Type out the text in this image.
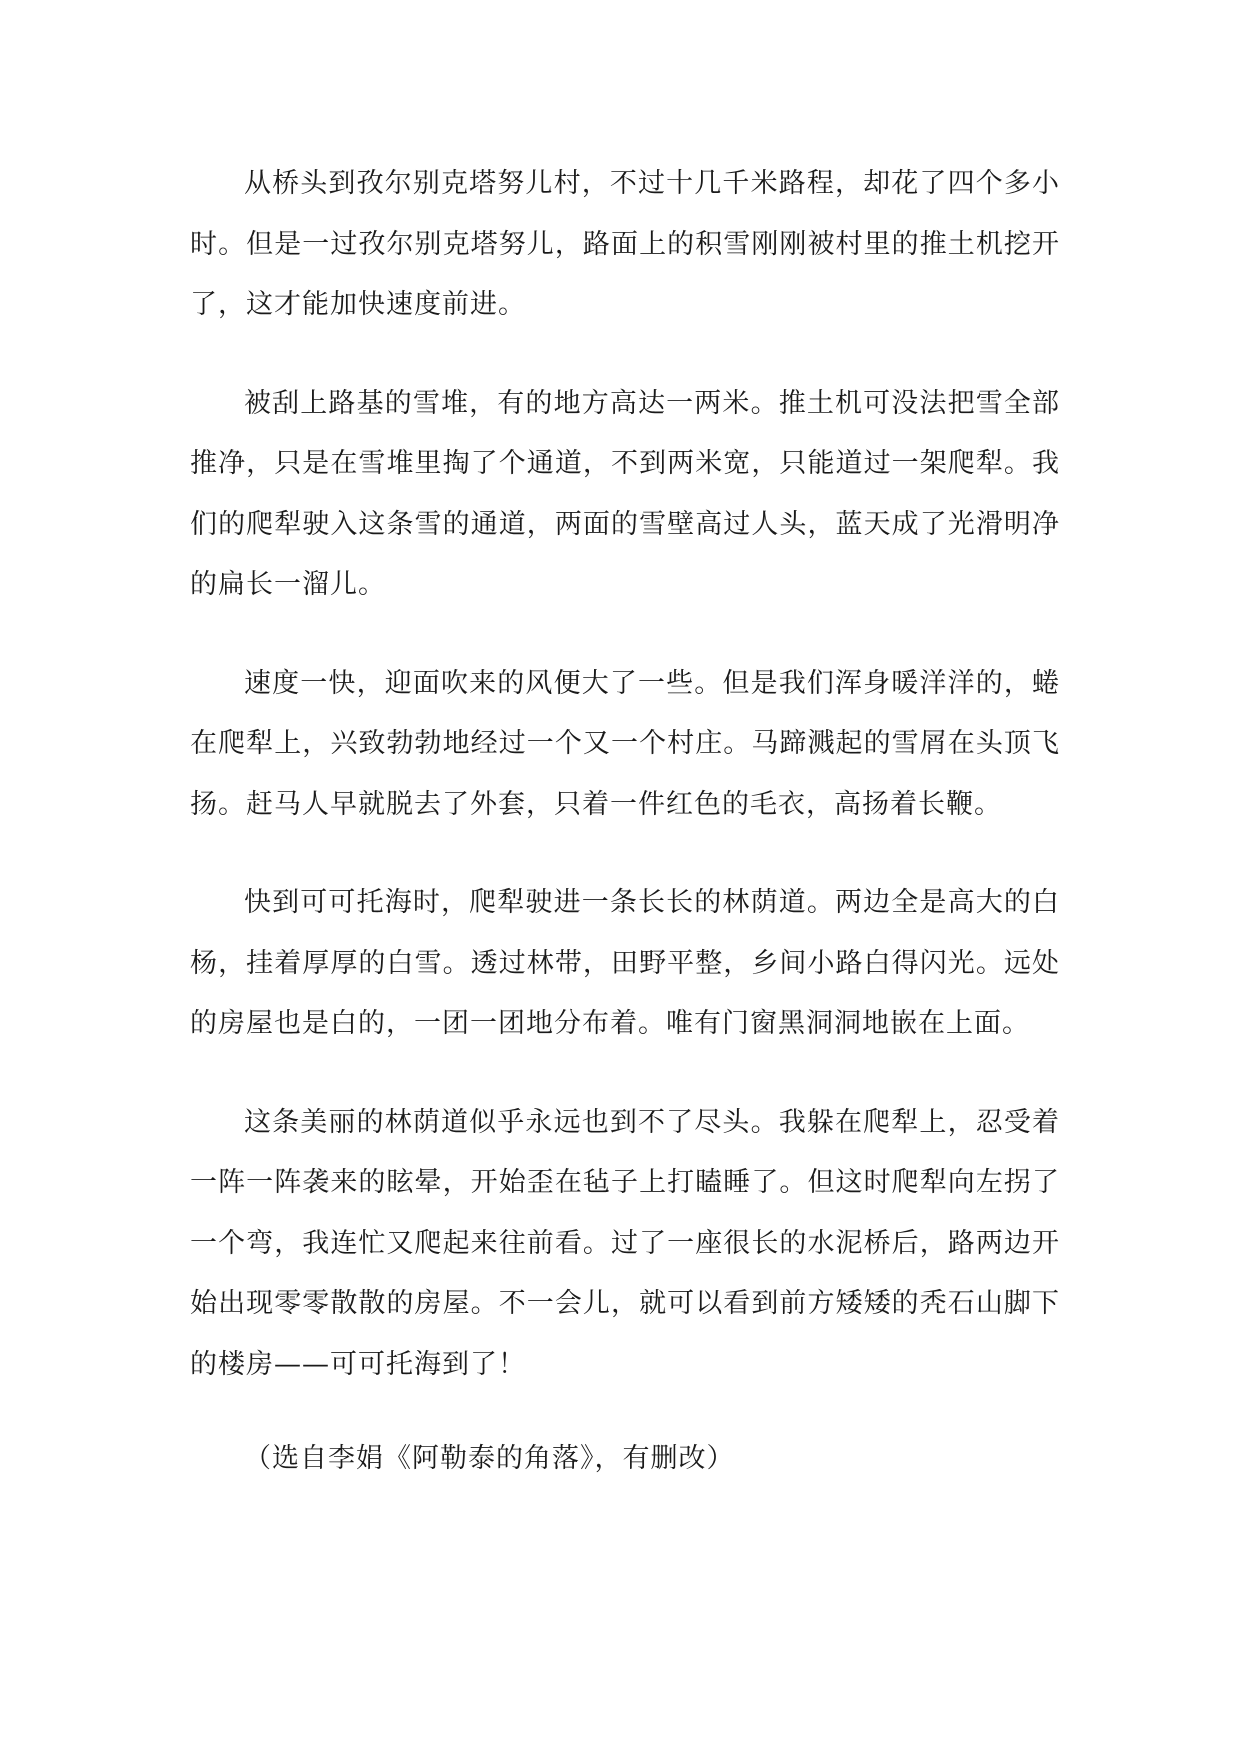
从桥头到孜尔别克塔努儿村，不过十几千米路程，却花了四个多小时。但是一过孜尔别克塔努儿，路面上的积雪刚刚被村里的推土机挖开了，这才能加快速度前进。

被刮上路基的雪堆，有的地方高达一两米。推土机可没法把雪全部推净，只是在雪堆里掏了个通道，不到两米宽，只能道过一架爬犁。我们的爬犁驶入这条雪的通道，两面的雪壁高过人头，蓝天成了光滑明净的扁长一溜儿。

速度一快，迎面吹来的风便大了一些。但是我们浑身暖洋洋的，蜷在爬犁上，兴致勃勃地经过一个又一个村庄。马蹄溅起的雪屑在头顶飞扬。赶马人早就脱去了外套，只着一件红色的毛衣，高扬着长鞭。

快到可可托海时，爬犁驶进一条长长的林荫道。两边全是高大的白杨，挂着厚厚的白雪。透过林带，田野平整，乡间小路白得闪光。远处的房屋也是白的，一团一团地分布着。唯有门窗黑洞洞地嵌在上面。

这条美丽的林荫道似乎永远也到不了尽头。我躲在爬犁上，忍受着一阵一阵袭来的眩晕，开始歪在毡子上打瞌睡了。但这时爬犁向左拐了一个弯，我连忙又爬起来往前看。过了一座很长的水泥桥后，路两边开始出现零零散散的房屋。不一会儿，就可以看到前方矮矮的秃石山脚下的楼房——可可托海到了！

（选自李娟《阿勒泰的角落》，有删改）
